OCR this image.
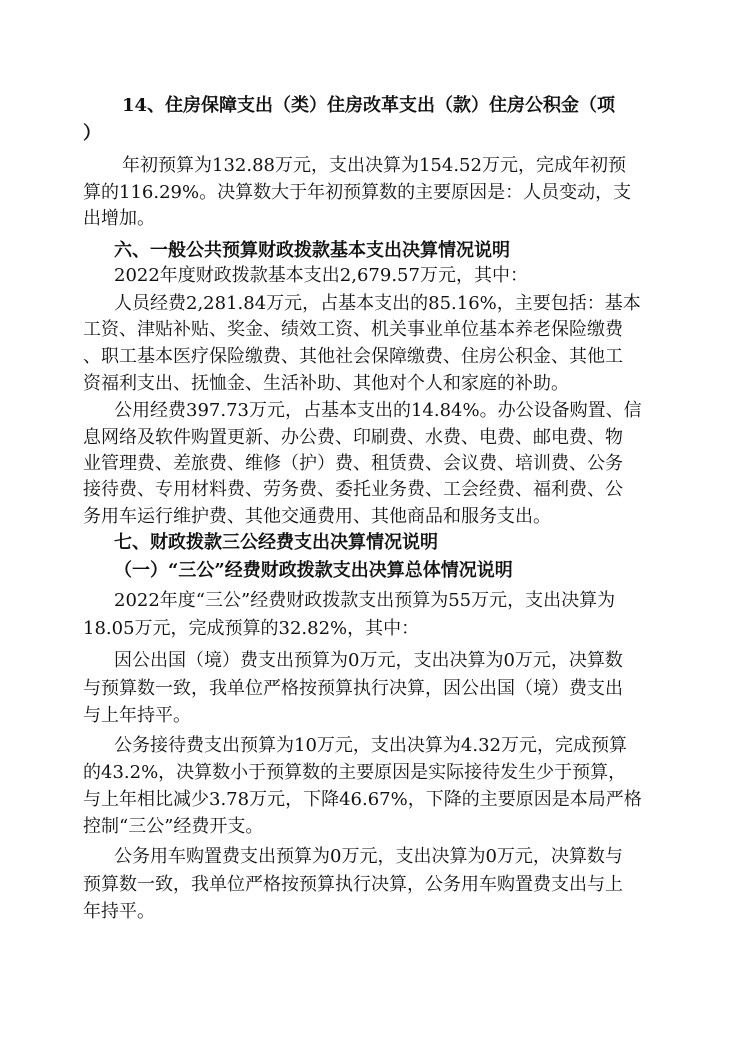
14、住房保障支出（类）住房改革支出（款）住房公积金（项
）
年初预算为132.88万元，支出决算为154.52万元，完成年初预
算的116.29%。决算数大于年初预算数的主要原因是：人员变动，支
出增加。
六、一般公共预算财政拨款基本支出决算情况说明
2022年度财政拨款基本支出2,679.57万元，其中：
人员经费2,281.84万元，占基本支出的85.16%，主要包括：基本
工资、津贴补贴、奖金、绩效工资、机关事业单位基本养老保险缴费
、职工基本医疗保险缴费、其他社会保障缴费、住房公积金、其他工
资福利支出、抚恤金、生活补助、其他对个人和家庭的补助。
公用经费397.73万元，占基本支出的14.84%。办公设备购置、信
息网络及软件购置更新、办公费、印刷费、水费、电费、邮电费、物
业管理费、差旅费、维修（护）费、租赁费、会议费、培训费、公务
接待费、专用材料费、劳务费、委托业务费、工会经费、福利费、公
务用车运行维护费、其他交通费用、其他商品和服务支出。
七、财政拨款三公经费支出决算情况说明
（一）“三公”经费财政拨款支出决算总体情况说明
2022年度“三公”经费财政拨款支出预算为55万元，支出决算为
18.05万元，完成预算的32.82%，其中：
因公出国（境）费支出预算为0万元，支出决算为0万元，决算数
与预算数一致，我单位严格按预算执行决算，因公出国（境）费支出
与上年持平。
公务接待费支出预算为10万元，支出决算为4.32万元，完成预算
的43.2%，决算数小于预算数的主要原因是实际接待发生少于预算，
与上年相比减少3.78万元，下降46.67%，下降的主要原因是本局严格
控制“三公”经费开支。
公务用车购置费支出预算为0万元，支出决算为0万元，决算数与
预算数一致，我单位严格按预算执行决算，公务用车购置费支出与上
年持平。
